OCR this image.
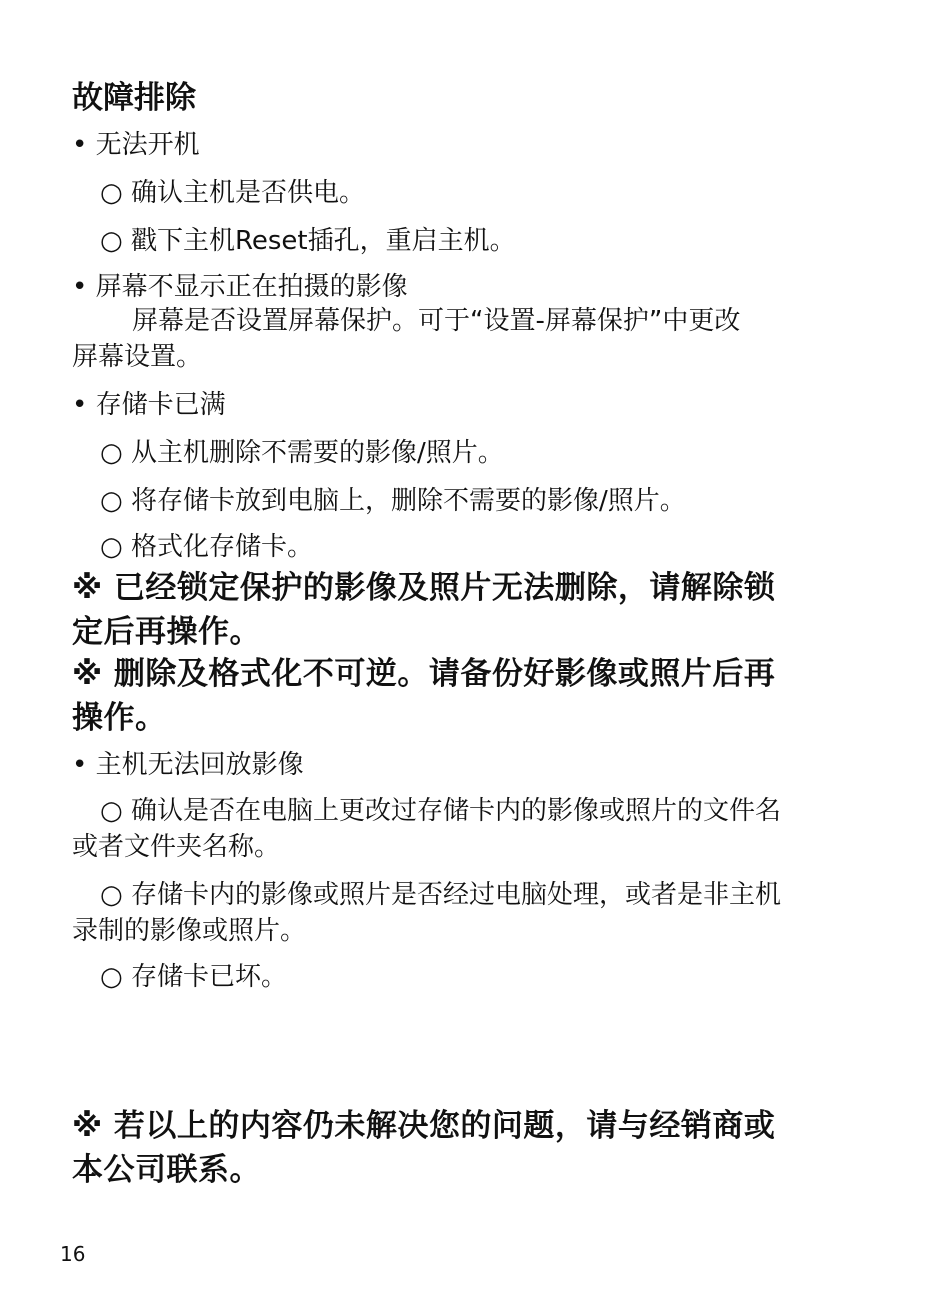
故障排除

• 无法开机

○ 确认主机是否供电。

○ 戳下主机Reset插孔，重启主机。

• 屏幕不显示正在拍摄的影像

屏幕是否设置屏幕保护。可于“设置-屏幕保护”中更改

屏幕设置。

• 存储卡已满

○ 从主机删除不需要的影像/照片。

○ 将存储卡放到电脑上，删除不需要的影像/照片。

○ 格式化存储卡。

※ 已经锁定保护的影像及照片无法删除，请解除锁

定后再操作。

※ 删除及格式化不可逆。请备份好影像或照片后再

操作。

• 主机无法回放影像

○ 确认是否在电脑上更改过存储卡内的影像或照片的文件名

或者文件夹名称。

○ 存储卡内的影像或照片是否经过电脑处理，或者是非主机

录制的影像或照片。

○ 存储卡已坏。

※ 若以上的内容仍未解决您的问题，请与经销商或

本公司联系。

16
